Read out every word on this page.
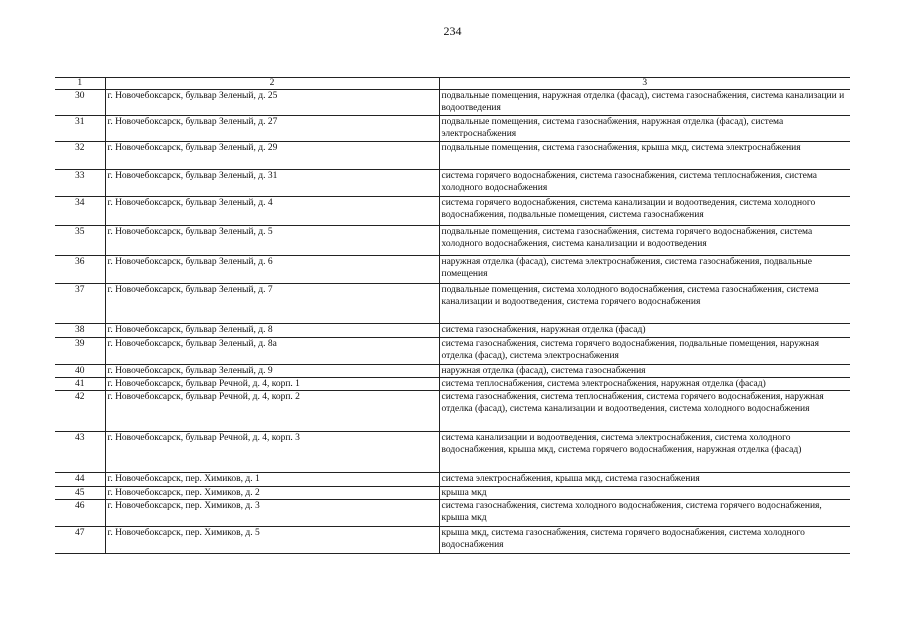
234
1	2	3
30	г. Новочебоксарск, бульвар Зеленый, д. 25	подвальные помещения, наружная отделка (фасад), система газоснабжения, система канализации и водоотведения
31	г. Новочебоксарск, бульвар Зеленый, д. 27	подвальные помещения, система газоснабжения, наружная отделка (фасад), система электроснабжения
32	г. Новочебоксарск, бульвар Зеленый, д. 29	подвальные помещения, система газоснабжения, крыша мкд, система электроснабжения
33	г. Новочебоксарск, бульвар Зеленый, д. 31	система горячего водоснабжения, система газоснабжения, система теплоснабжения, система холодного водоснабжения
34	г. Новочебоксарск, бульвар Зеленый, д. 4	система горячего водоснабжения, система канализации и водоотведения, система холодного водоснабжения, подвальные помещения, система газоснабжения
35	г. Новочебоксарск, бульвар Зеленый, д. 5	подвальные помещения, система газоснабжения, система горячего водоснабжения, система холодного водоснабжения, система канализации и водоотведения
36	г. Новочебоксарск, бульвар Зеленый, д. 6	наружная отделка (фасад), система электроснабжения, система газоснабжения, подвальные помещения
37	г. Новочебоксарск, бульвар Зеленый, д. 7	подвальные помещения, система холодного водоснабжения, система газоснабжения, система канализации и водоотведения, система горячего водоснабжения
38	г. Новочебоксарск, бульвар Зеленый, д. 8	система газоснабжения, наружная отделка (фасад)
39	г. Новочебоксарск, бульвар Зеленый, д. 8а	система газоснабжения, система горячего водоснабжения, подвальные помещения, наружная отделка (фасад), система электроснабжения
40	г. Новочебоксарск, бульвар Зеленый, д. 9	наружная отделка (фасад), система газоснабжения
41	г. Новочебоксарск, бульвар Речной, д. 4, корп. 1	система теплоснабжения, система электроснабжения, наружная отделка (фасад)
42	г. Новочебоксарск, бульвар Речной, д. 4, корп. 2	система газоснабжения, система теплоснабжения, система горячего водоснабжения, наружная отделка (фасад), система канализации и водоотведения, система холодного водоснабжения
43	г. Новочебоксарск, бульвар Речной, д. 4, корп. 3	система канализации и водоотведения, система электроснабжения, система холодного водоснабжения, крыша мкд, система горячего водоснабжения, наружная отделка (фасад)
44	г. Новочебоксарск, пер. Химиков, д. 1	система электроснабжения, крыша мкд, система газоснабжения
45	г. Новочебоксарск, пер. Химиков, д. 2	крыша мкд
46	г. Новочебоксарск, пер. Химиков, д. 3	система газоснабжения, система холодного водоснабжения, система горячего водоснабжения, крыша мкд
47	г. Новочебоксарск, пер. Химиков, д. 5	крыша мкд, система газоснабжения, система горячего водоснабжения, система холодного водоснабжения
